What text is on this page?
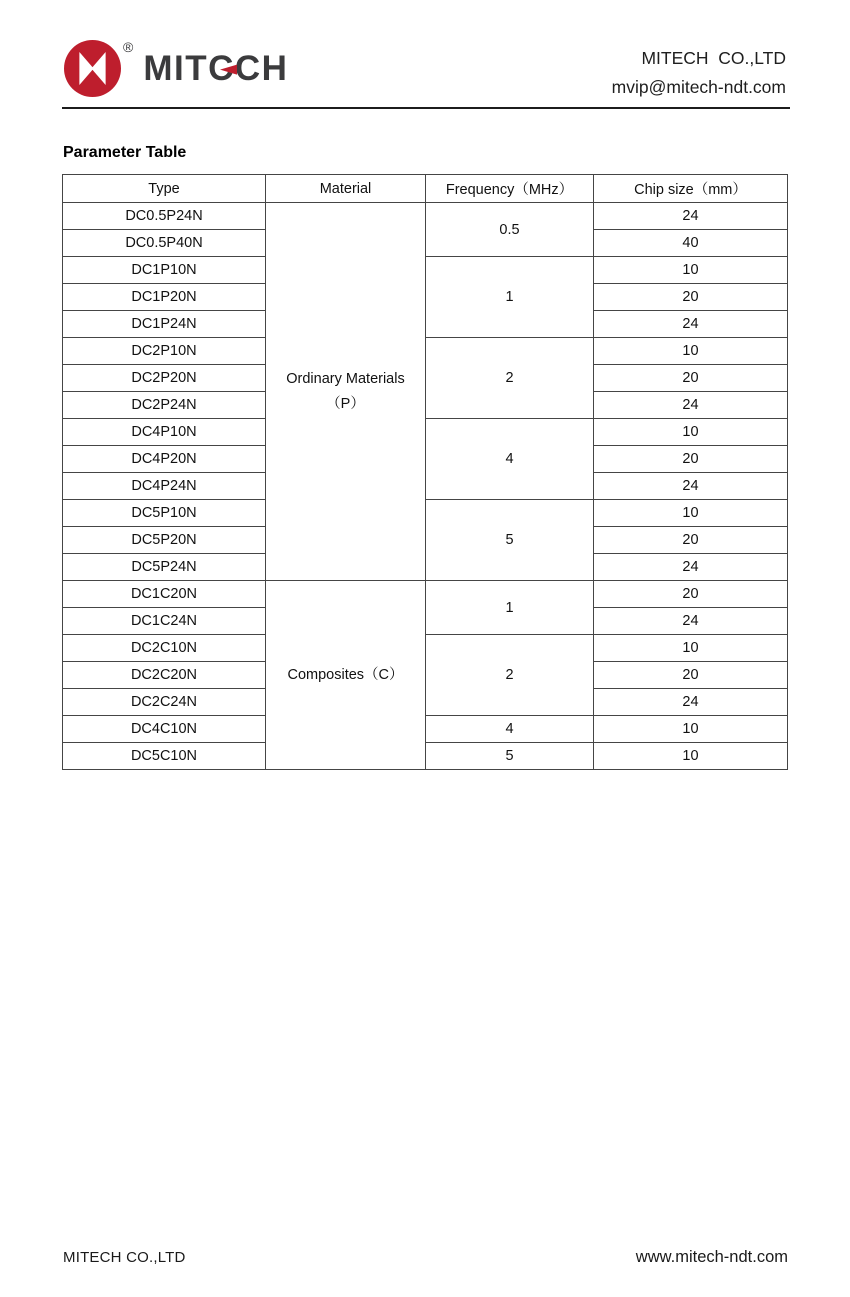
®
MIT C CH	MITECH  CO.,LTD
mvip@mitech-ndt.com
Parameter Table
Type	Material	Frequency（MHz）	Chip size（mm）
DC0.5P24N	Ordinary Materials（P）	0.5	24
DC0.5P40N			40
DC1P10N		1	10
DC1P20N			20
DC1P24N			24
DC2P10N		2	10
DC2P20N			20
DC2P24N			24
DC4P10N		4	10
DC4P20N			20
DC4P24N			24
DC5P10N		5	10
DC5P20N			20
DC5P24N			24
DC1C20N	Composites（C）	1	20
DC1C24N			24
DC2C10N		2	10
DC2C20N			20
DC2C24N			24
DC4C10N		4	10
DC5C10N		5	10
MITECH CO.,LTD	www.mitech-ndt.com
